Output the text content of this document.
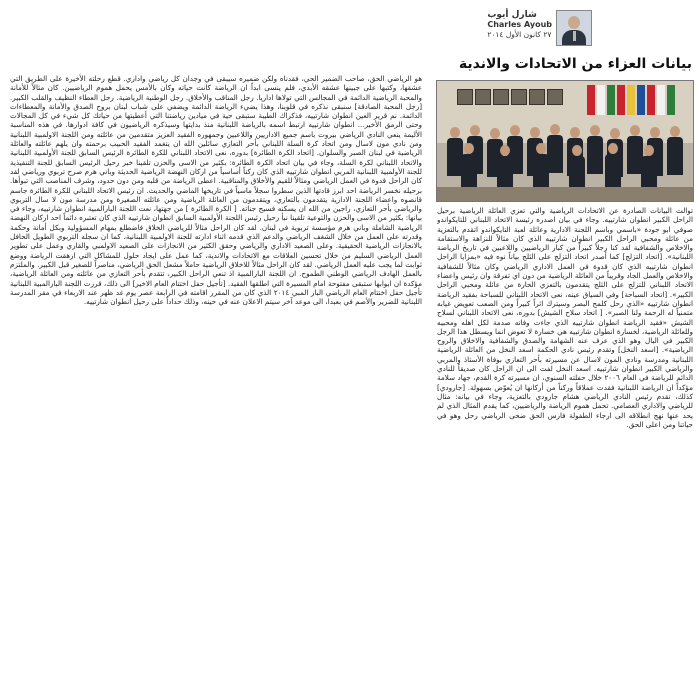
شارل أيوب
Charles Ayoub
٢٧ كانون الأول ٢٠١٤
بيانات العزاء من الاتحادات والاندية

توالت البيانات الصادرة عن الاتحادات الرياضية والتي تعزي العائلة الرياضية برحيل الراحل الكبير انطوان شارتييه. وجاء في بيان اصدره رئيسة الاتحاد اللبناني للتايكواندو صوفي ابو جودة «باسمي وباسم اللجنة الادارية وعائلة لعبة التايكواندو اتقدم بالتعزية من عائلة ومحبي الراحل الكبير انطوان شارتييه الذي كان مثالاً للنزاهة والاستقامة والاخلاص والشفافية لقد كنا رجلاً كبيراً من كبار الرياضيين واللاعبين في تاريخ الرياضة اللبنانية». [اتحاد التزلج] كما أصدر اتحاد التزلج على الثلج بياناً نوه فيه «بمزايا الراحل انطوان شارتييه الذي كان قدوة في العمل الاداري الرياضي وكان مثالاً للشفافية والاخلاص والعمل الجاد وقريباً من العائلة الرياضية من دون اي تفرقة وان رئيس واعضاء الاتحاد اللبناني للتزلج على الثلج يتقدمون بالتعزي الحارة من عائلة ومحبي الراحل الكبير». [اتحاد السباحة] وفي السياق عينه، نعى الاتحاد اللبناني للسباحة بفقيد الرياضة انطوان شارتييه «الذي رحل كلمح البصر وسيترك اثراً كبيراً ومن الصعب تعويض غيابه متمنياً له الرحمة ولنا الصبر». [ اتحاد سلاح الشيش] بدوره، نعى الاتحاد اللبناني لسلاح الشيش «فقيد الرياضة انطوان شارتييه الذي جاءت وفاته صدمة لكل اهله ومحبيه وللعائلة الرياضية، لخسارة انطوان شارتييه هي خسارة لا تعوض انما ويسطل هذا الرجل الكبير في البال وهو الذي عرف عنه الشهامة والصدق والشفافية والاخلاق والروح الرياضية». [اسعد النخل] وتقدم رئيس نادي الحكمة اسعد النخل من العائلة الرياضية اللبنانية ومدرسة ونادي المون لاسال عن مسيرته بأحر التعازي بوفاة الأستاذ والمربي والرياضي الكبير انطوان شارتييه. اسعد النخل لفت الى ان الراحل كان صديقاً للنادي الدائم للرياضة في العام ٢٠٠٦ خلال حفلته السنوي، ان مسيرته كرة القدم، جهاد سلامة مؤكداً ان الرياضة اللبنانية فقدت عملاقاً وركناً من أركانها ان يُعوّض بسهولة. [جارودي] كذلك، تقدم رئيس النادي الرياضي هشام جارودي بالتعزية، وجاء في بيانه: مثال للرياضي والاداري العصامي. تحمل هموم الرياضة والرياضيين، كما يقدم المثال الذي لم يحد عنها نهج انطلاقه الى ارجاء الطفولة فارس الحق ضحى الرياضي رحل وهو في حياتنا ومن اعلى الحق.

هو الرياضي الحق، صاحب الضمير الحي، فقدناه ولكن ضميره سيبقى في وجدان كل رياضي واداري. قطع رحلته الأخيرة على الطريق التي عشقها، وكتبها على جبينها عشقه الأبدي، فلم ينسى ابداً ان الرياضة كانت حياته وكان بالأمس يحمل هموم الرياضيين. كان مثالاً للأمانة والمحبة الرياضية الدائمة في المجالس التي تولاها اداريا. رجل المناقب والأخلاق. رجل الوطنية الرياضية. رجل العطاء النظيف والقلب الكبير. [رجل المحبة الصادقة] سنبقى نذكره في قلوبنا، وهذا يضيء الرياضة الدائمة ويضفي على شباب لبنان بروح الصدق والأمانة والمعطاءات الدائمة. نم قرير العين انطوان شارتييه، فذكراك الطيبة ستبقى حية في ميادين رياضتنا التي أعطيتها من حياتك كل شيء في كل المجالات وحتى الرمق الأخير... انطوان شارتييه ارتبط اسمه بالرياضة اللبنانية منذ بدايتها وسيذكره الرياضيون في كافة ادوارها. في هذه المناسبة الأليمة ينعي النادي الرياضي بيروت باسم جميع الاداريين واللاعبين وجمهوره الفقيد العزيز متقدمين من عائلته ومن اللجنة الاولمبية اللبنانية ومن نادي مون لاسال ومن اتحاد كرة السلة اللبناني بأحر التعازي سائلين الله ان يتغمد الفقيد الحبيب برحمته وان يلهم عائلته والعائلة الرياضية في لبنان الصبر والسلوان. [اتحاد الكرة الطائرة] بدوره، نعى الاتحاد اللبناني للكرة الطائرة الرئيس السابق للجنة الأولمبية اللبنانية والاتحاد اللبناني لكرة السلة، وجاء في بيان اتحاد الكرة الطائرة: بكثير من الاسى والحزن تلقينا خبر رحيل الرئيس السابق للجنة التنفيذية للجنة الأولمبية اللبنانية المربي انطوان شارتييه الذي كان ركناً أساسياً من اركان النهضة الرياضية الحديثة وباني هرم صرح تربوي ورياضي لقد كان الراحل قدوة في العمل الرياضي ومثالاً للقيم والأخلاق والمناقبية. اعطى الرياضة من قلبه ومن دون حدود، وشرف المناصب التي تبوأها. برحيله نخسر الرياضة احد ابرز قادتها الذين سطروا سجلاً ماسياً في تاريخها الماضي والحديث. ان رئيس الاتحاد اللبناني للكرة الطائرة جاسم قانصوه واعضاء اللجنة الادارية يتقدمون بالتعازي، ويتقدمون من العائلة الرياضية ومن عائلته الصغيرة ومن مدرسة مون لا سال التربوي والرياضي بأحر التعازي، راجين من الله ان يسكنه فسيح جناته. [ الكرة الطائرة ] من جهتها، نعت اللجنة البارالمبية انطوان شارتييه، وجاء في بيانها: بكثير من الاسى والحزن والتوعية تلقينا نبأ رحيل رئيس اللجنة الأولمبية السابق انطوان شارتييه الذي كان تعتبره دائماً احد اركان النهضة الرياضية الشاملة وباني هرم مؤسسة تربوية في لبنان. لقد كان الراحل مثالاً للرياضي الخلاق فاضطلع بمهام المسؤولية وبكل أمانة وحكمة وقدرته على العمل من خلال الشغف الرياضي والدعم الذي قدمه اثناء ادارته للجنة الاولمبية اللبنانية، كما ان سجله التربوي الطويل الحافل بالانجازات الرياضية الحقيقية. وعلى الصعيد الاداري والرياضي وحقق الكثير من الانجازات على الصعيد الاولمبي والقاري وعمل على تطوير العمل الرياضي السليم من خلال تحسين العلاقات مع الاتحادات والاندية، كما عمل على ايجاد حلول للمشاكل التي ارهقت الرياضة ووضع ثوابت لما يجب عليه العمل الرياضي. لقد كان الراحل مثالاً للاخلاق الرياضية حاملاً مشعل الحق الرياضي، مناصراً للصغير قبل الكبير. والملتزم بالعمل الهادف الرياضي الوطني الطموح. ان اللجنة البارالمبية اذ تنعي الراحل الكبير، تتقدم بأحر التعازي من عائلته ومن العائلة الرياضية، مؤكدة ان ابوابها ستبقى مفتوحة امام المسيرة التي اطلقها الفقيد. [تأجيل حفل اختتام العام الاخير] الى ذلك، قررت اللجنة البارالمبية اللبنانية تأجيل حفل اختتام العام الرياضي البار المبي ٢٠١٤ الذي كان من المقرر اقامته في الرابعة عصر يوم غد ظهر عند الاربعاء في مقر المدرسة اللبنانية للضرير والأصم في بعبدا، الى موعد آخر سيتم الاعلان عنه في حينه، وذلك حداداً على رحيل انطوان شارتييه.
